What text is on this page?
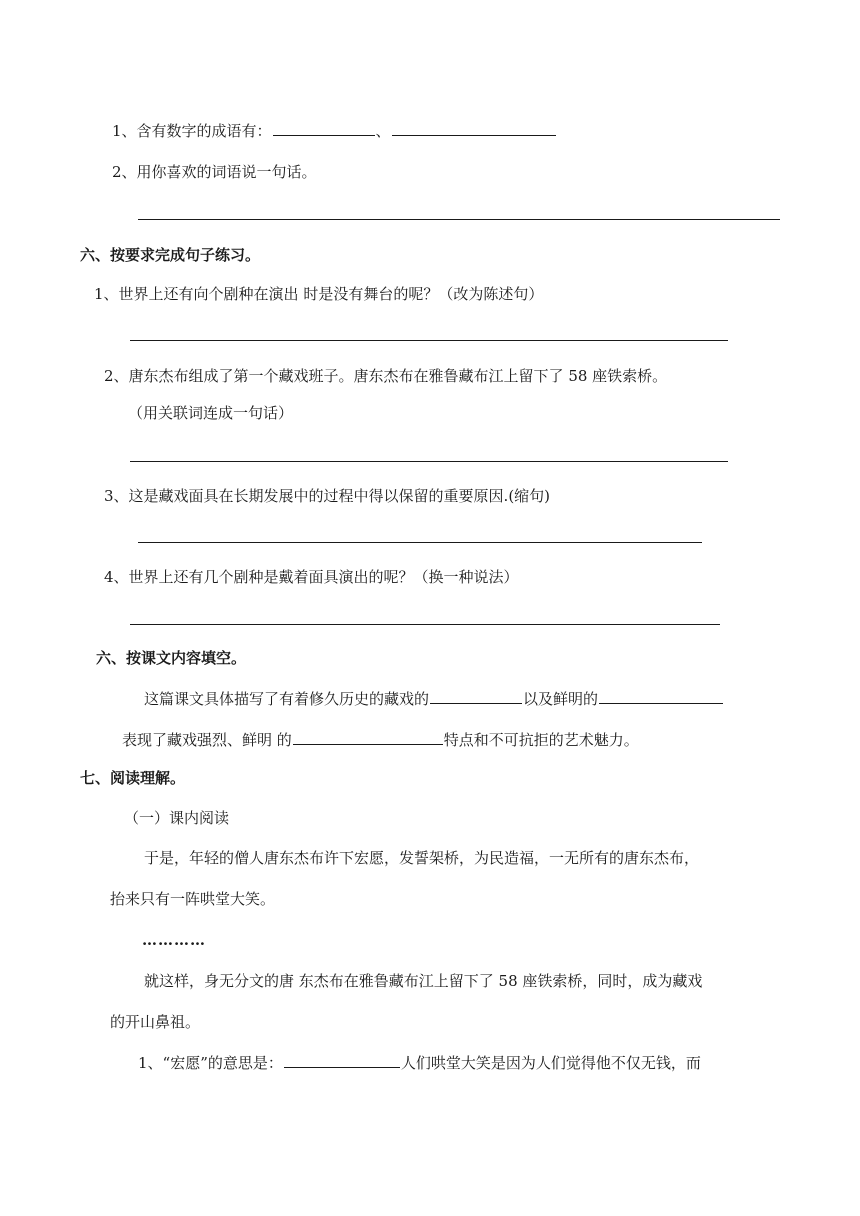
1、含有数字的成语有：	、
2、用你喜欢的词语说一句话。
六、按要求完成句子练习。
1、世界上还有向个剧种在演出 时是没有舞台的呢？（改为陈述句）
2、唐东杰布组成了第一个藏戏班子。唐东杰布在雅鲁藏布江上留下了 58 座铁索桥。
（用关联词连成一句话）
3、这是藏戏面具在长期发展中的过程中得以保留的重要原因.(缩句)
4、世界上还有几个剧种是戴着面具演出的呢？（换一种说法）
六、按课文内容填空。
这篇课文具体描写了有着修久历史的藏戏的	以及鲜明的
表现了藏戏强烈、鲜明 的	特点和不可抗拒的艺术魅力。
七、阅读理解。
（一）课内阅读
于是，年轻的僧人唐东杰布许下宏愿，发誓架桥，为民造福，一无所有的唐东杰布，
抬来只有一阵哄堂大笑。
…………
就这样，身无分文的唐 东杰布在雅鲁藏布江上留下了 58 座铁索桥，同时，成为藏戏
的开山鼻祖。
1、“宏愿”的意思是：	人们哄堂大笑是因为人们觉得他不仅无钱，而
